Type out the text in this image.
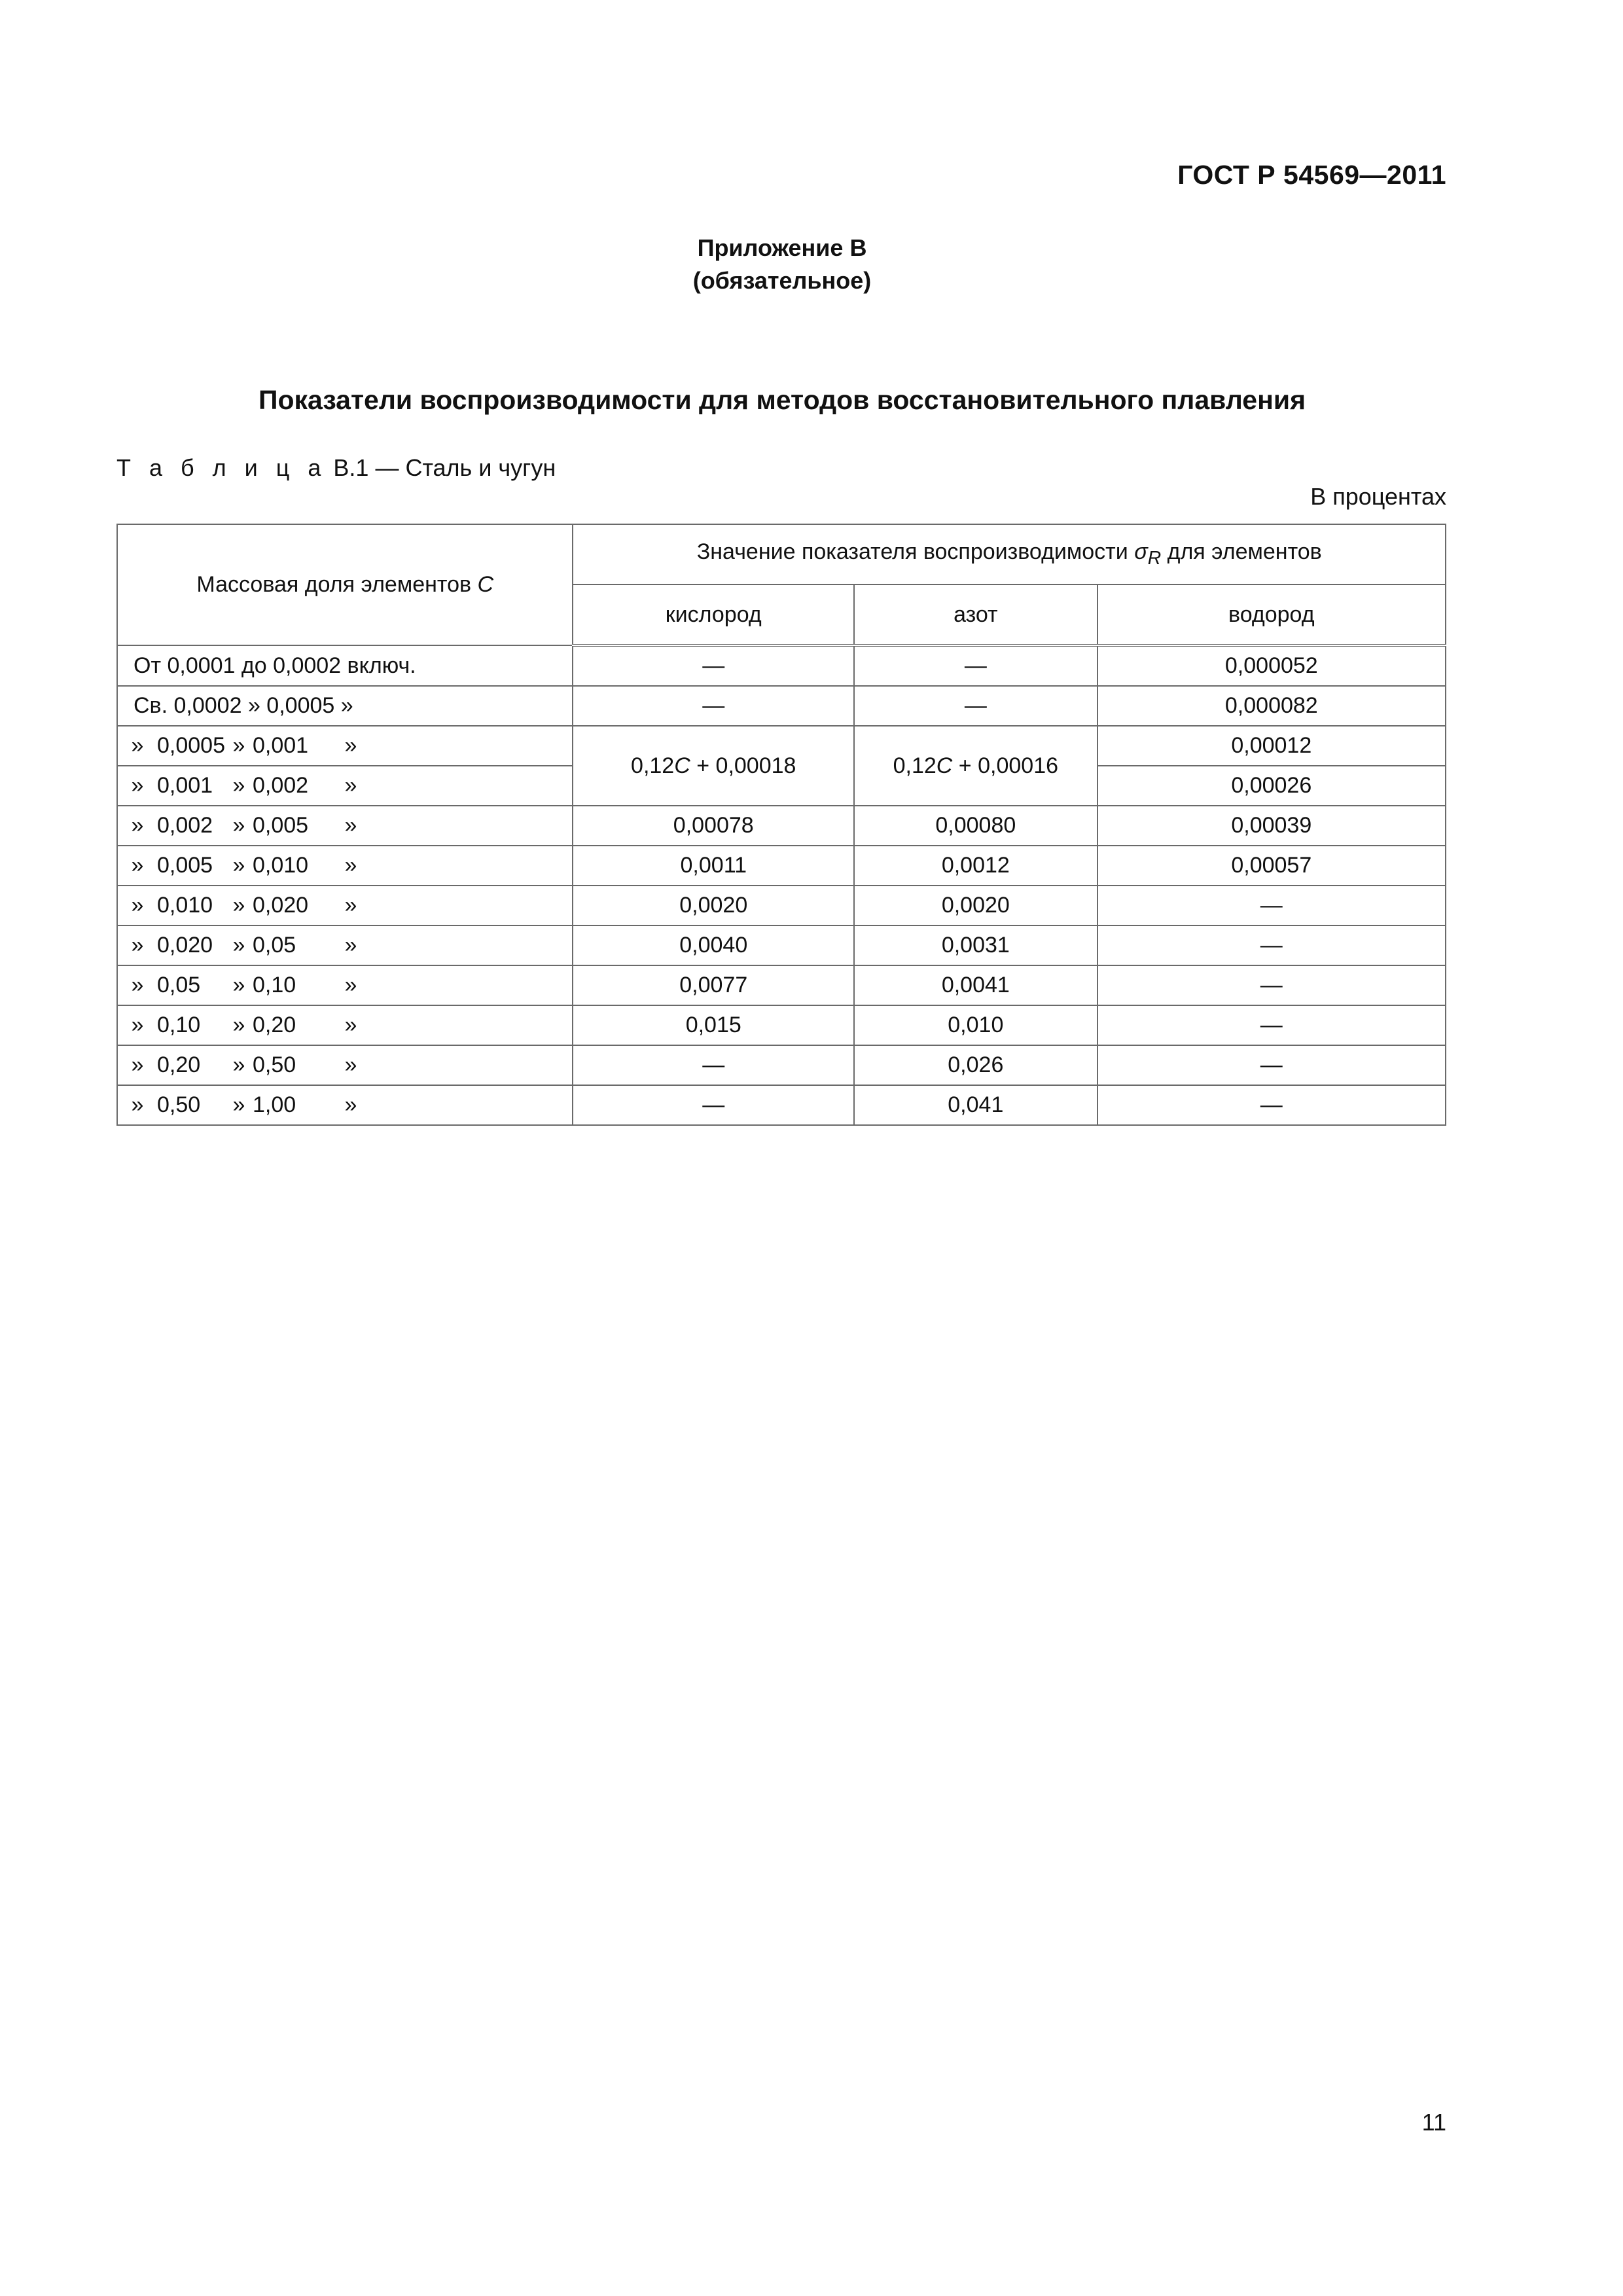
ГОСТ Р 54569—2011
Приложение В
(обязательное)
Показатели воспроизводимости для методов восстановительного плавления
Т а б л и ц а В.1 — Сталь и чугун
В процентах
Массовая доля элементов C	Значение показателя воспроизводимости $\sigma_R$ для элементов		
	кислород	азот	водород
От 0,0001 до 0,0002 включ.	—	—	0,000052
Св. 0,0002 » 0,0005 »	—	—	0,000082

» 0,0005 » 0,001 »	0,12C + 0,00018	0,12C + 0,00016	0,00012

» 0,001 » 0,002 »			0,00026

» 0,002 » 0,005 »	0,00078	0,00080	0,00039

» 0,005 » 0,010 »	0,0011	0,0012	0,00057

» 0,010 » 0,020 »	0,0020	0,0020	—

» 0,020 » 0,05 »	0,0040	0,0031	—

» 0,05 » 0,10 »	0,0077	0,0041	—

» 0,10 » 0,20 »	0,015	0,010	—

» 0,20 » 0,50 »	—	0,026	—

» 0,50 » 1,00 »	—	0,041	—
11
